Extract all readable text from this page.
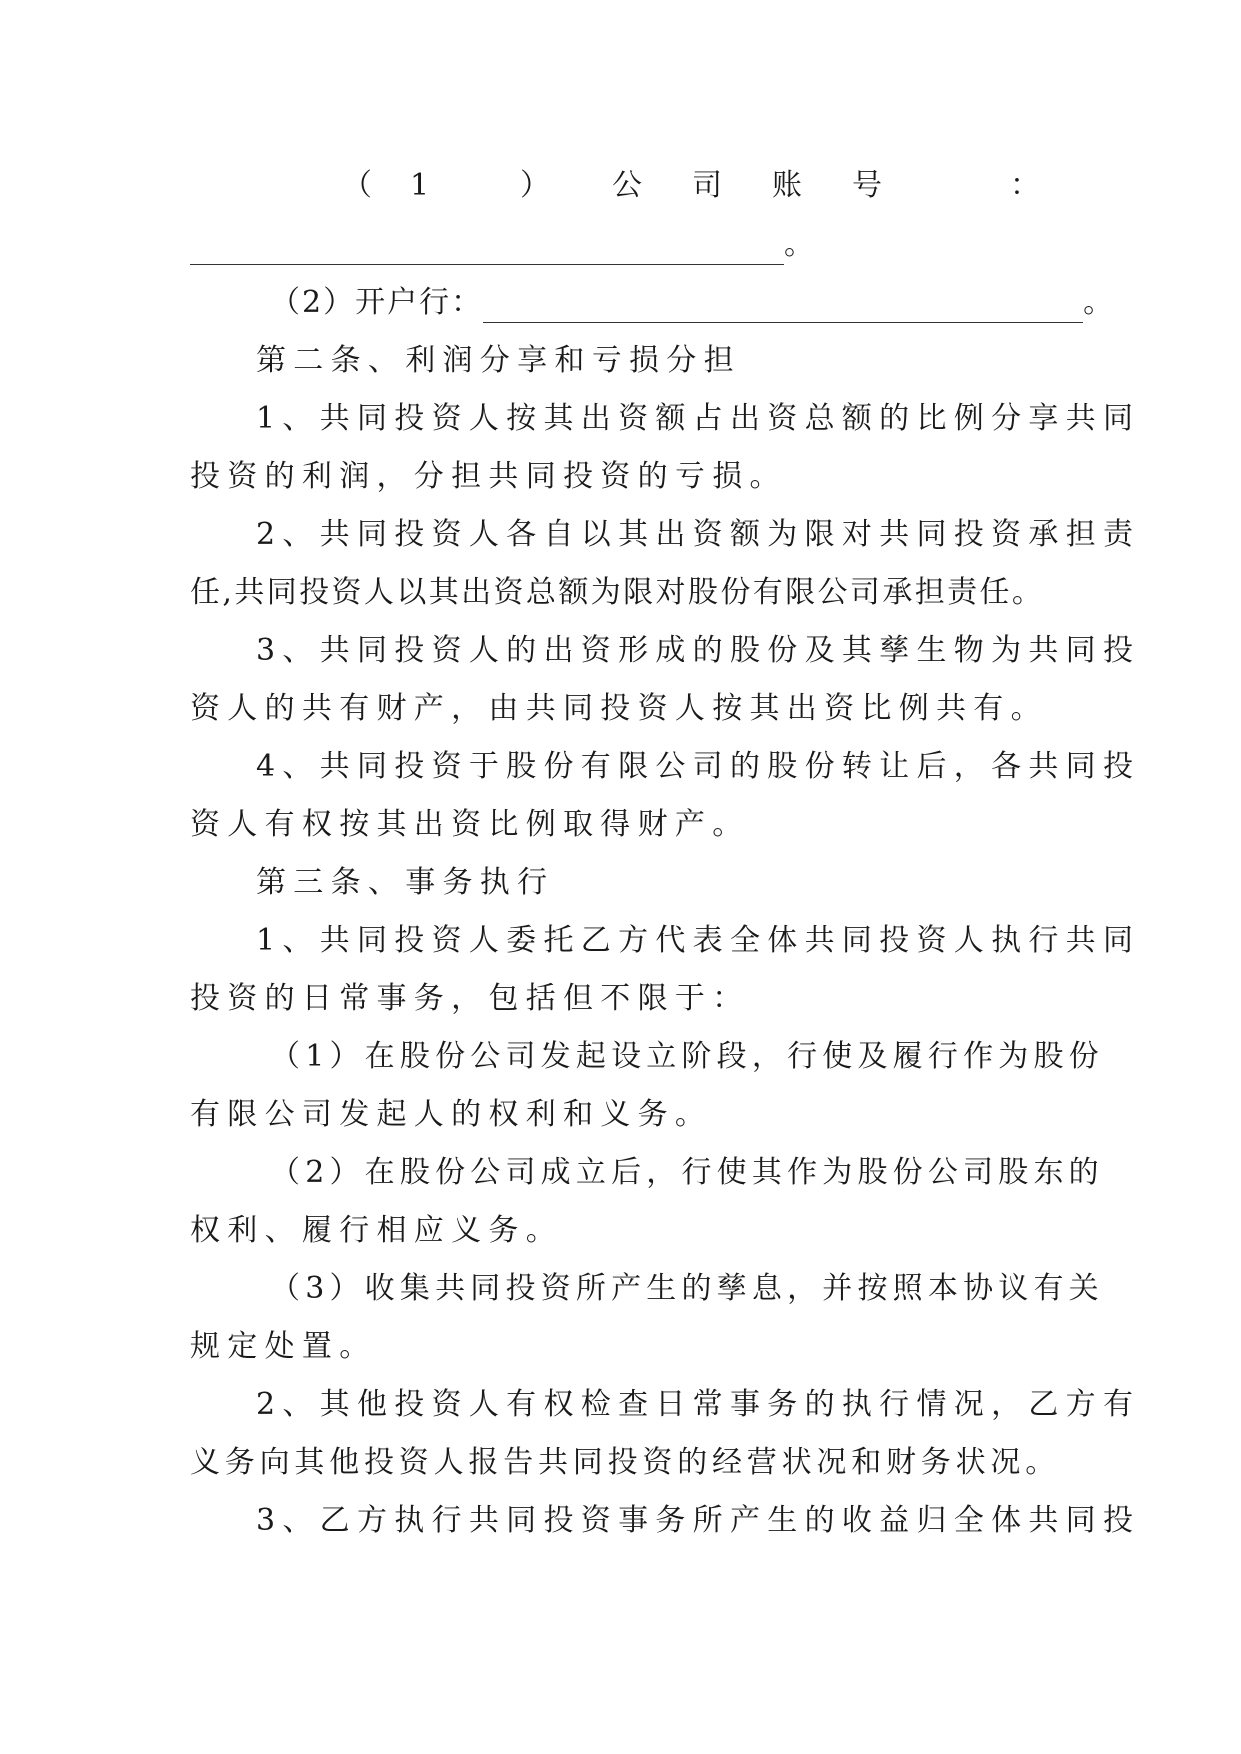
（ 1	） 公 司 账 号	：
。
（2）开户行：	。
第二条、利润分享和亏损分担
1、共同投资人按其出资额占出资总额的比例分享共同
投资的利润，分担共同投资的亏损。
2、共同投资人各自以其出资额为限对共同投资承担责
任,共同投资人以其出资总额为限对股份有限公司承担责任。
3、共同投资人的出资形成的股份及其孳生物为共同投
资人的共有财产，由共同投资人按其出资比例共有。
4、共同投资于股份有限公司的股份转让后，各共同投
资人有权按其出资比例取得财产。
第三条、事务执行
1、共同投资人委托乙方代表全体共同投资人执行共同
投资的日常事务，包括但不限于：
（1）在股份公司发起设立阶段，行使及履行作为股份
有限公司发起人的权利和义务。
（2）在股份公司成立后，行使其作为股份公司股东的
权利、履行相应义务。
（3）收集共同投资所产生的孳息，并按照本协议有关
规定处置。
2、其他投资人有权检查日常事务的执行情况，乙方有
义务向其他投资人报告共同投资的经营状况和财务状况。
3、乙方执行共同投资事务所产生的收益归全体共同投
